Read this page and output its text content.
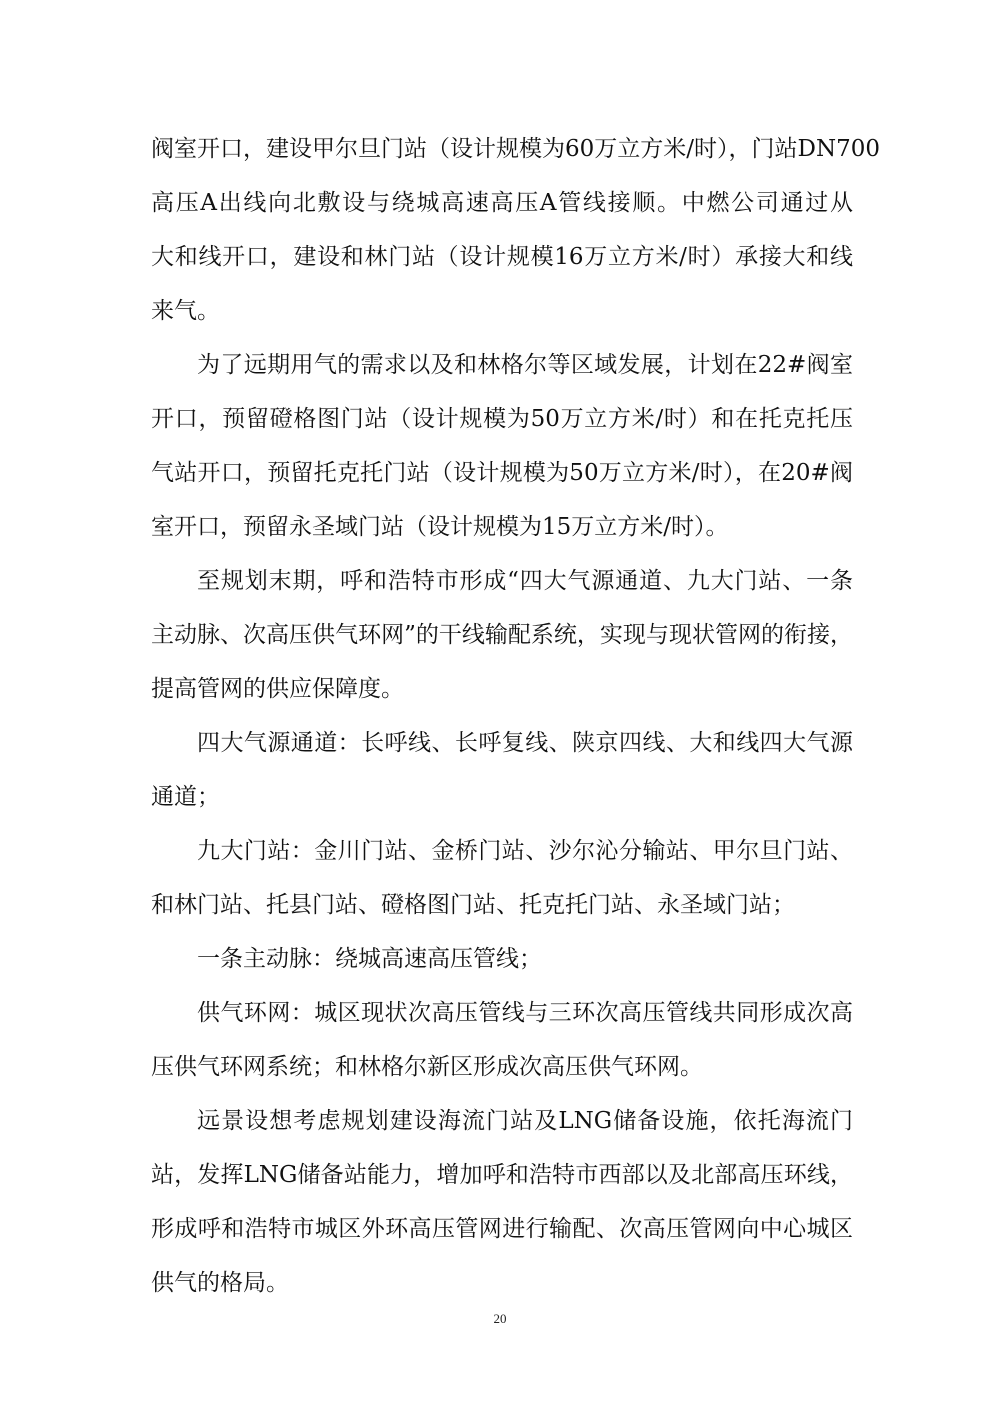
阀室开口，建设甲尔旦门站（设计规模为60万立方米/时），门站DN700
高压A出线向北敷设与绕城高速高压A管线接顺。中燃公司通过从
大和线开口，建设和林门站（设计规模16万立方米/时）承接大和线
来气。
为了远期用气的需求以及和林格尔等区域发展，计划在22#阀室
开口，预留磴格图门站（设计规模为50万立方米/时）和在托克托压
气站开口，预留托克托门站（设计规模为50万立方米/时），在20#阀
室开口，预留永圣域门站（设计规模为15万立方米/时）。
至规划末期，呼和浩特市形成“四大气源通道、九大门站、一条
主动脉、次高压供气环网”的干线输配系统，实现与现状管网的衔接，
提高管网的供应保障度。
四大气源通道：长呼线、长呼复线、陕京四线、大和线四大气源
通道；
九大门站：金川门站、金桥门站、沙尔沁分输站、甲尔旦门站、
和林门站、托县门站、磴格图门站、托克托门站、永圣域门站；
一条主动脉：绕城高速高压管线；
供气环网：城区现状次高压管线与三环次高压管线共同形成次高
压供气环网系统；和林格尔新区形成次高压供气环网。
远景设想考虑规划建设海流门站及LNG储备设施，依托海流门
站，发挥LNG储备站能力，增加呼和浩特市西部以及北部高压环线，
形成呼和浩特市城区外环高压管网进行输配、次高压管网向中心城区
供气的格局。
20
